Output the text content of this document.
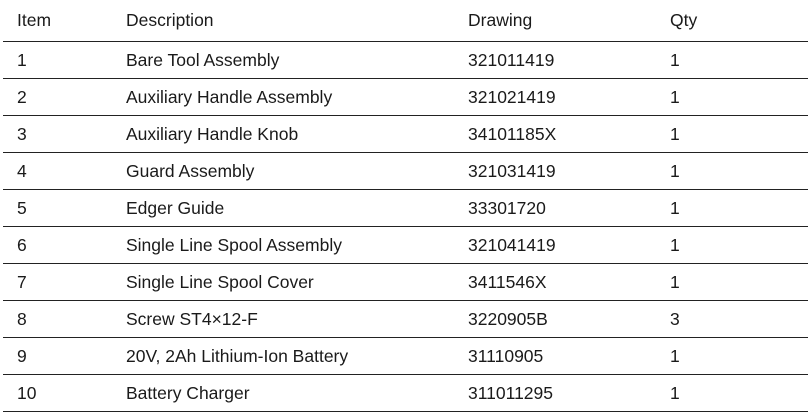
Item	Description	Drawing	Qty
1	Bare Tool Assembly	321011419	1
2	Auxiliary Handle Assembly	321021419	1
3	Auxiliary Handle Knob	34101185X	1
4	Guard Assembly	321031419	1
5	Edger Guide	33301720	1
6	Single Line Spool Assembly	321041419	1
7	Single Line Spool Cover	3411546X	1
8	Screw ST4×12-F	3220905B	3
9	20V, 2Ah Lithium-Ion Battery	31110905	1
10	Battery Charger	311011295	1
